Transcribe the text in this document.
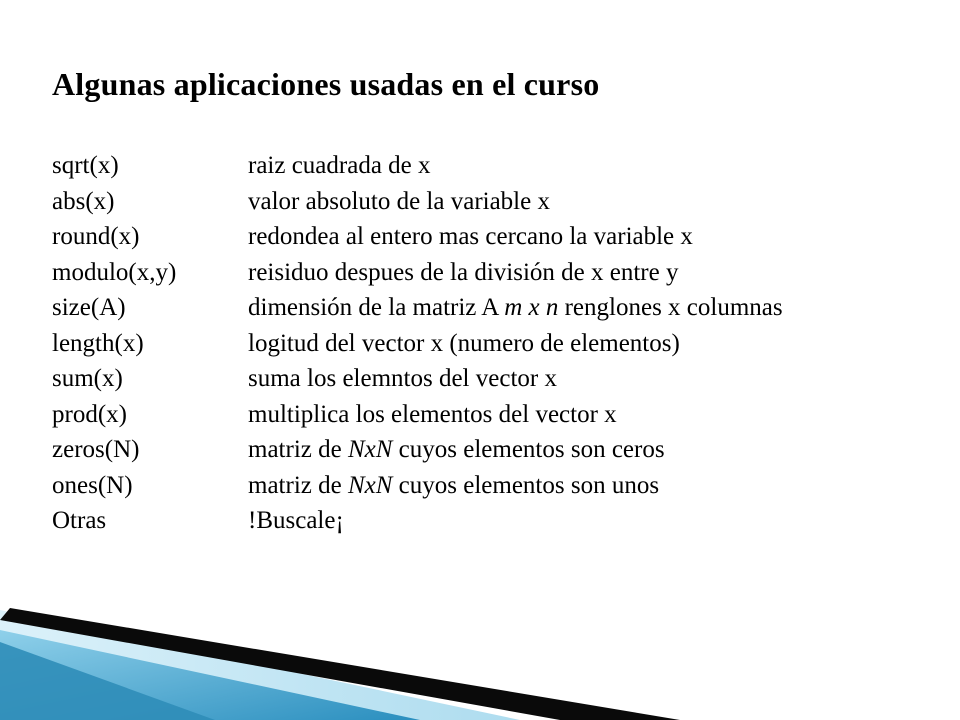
Algunas aplicaciones usadas en el curso
sqrt(x)	raiz cuadrada de x
abs(x)	valor absoluto de la variable x
round(x)	redondea al entero mas cercano la variable x
modulo(x,y)	reisiduo despues de la división de x entre y
size(A)	dimensión de la matriz A m x n renglones x columnas
length(x)	logitud del vector x (numero de elementos)
sum(x)	suma los elemntos del vector x
prod(x)	multiplica los elementos del vector x
zeros(N)	matriz de NxN cuyos elementos son ceros
ones(N)	matriz de NxN cuyos elementos son unos
Otras	!Buscale¡
